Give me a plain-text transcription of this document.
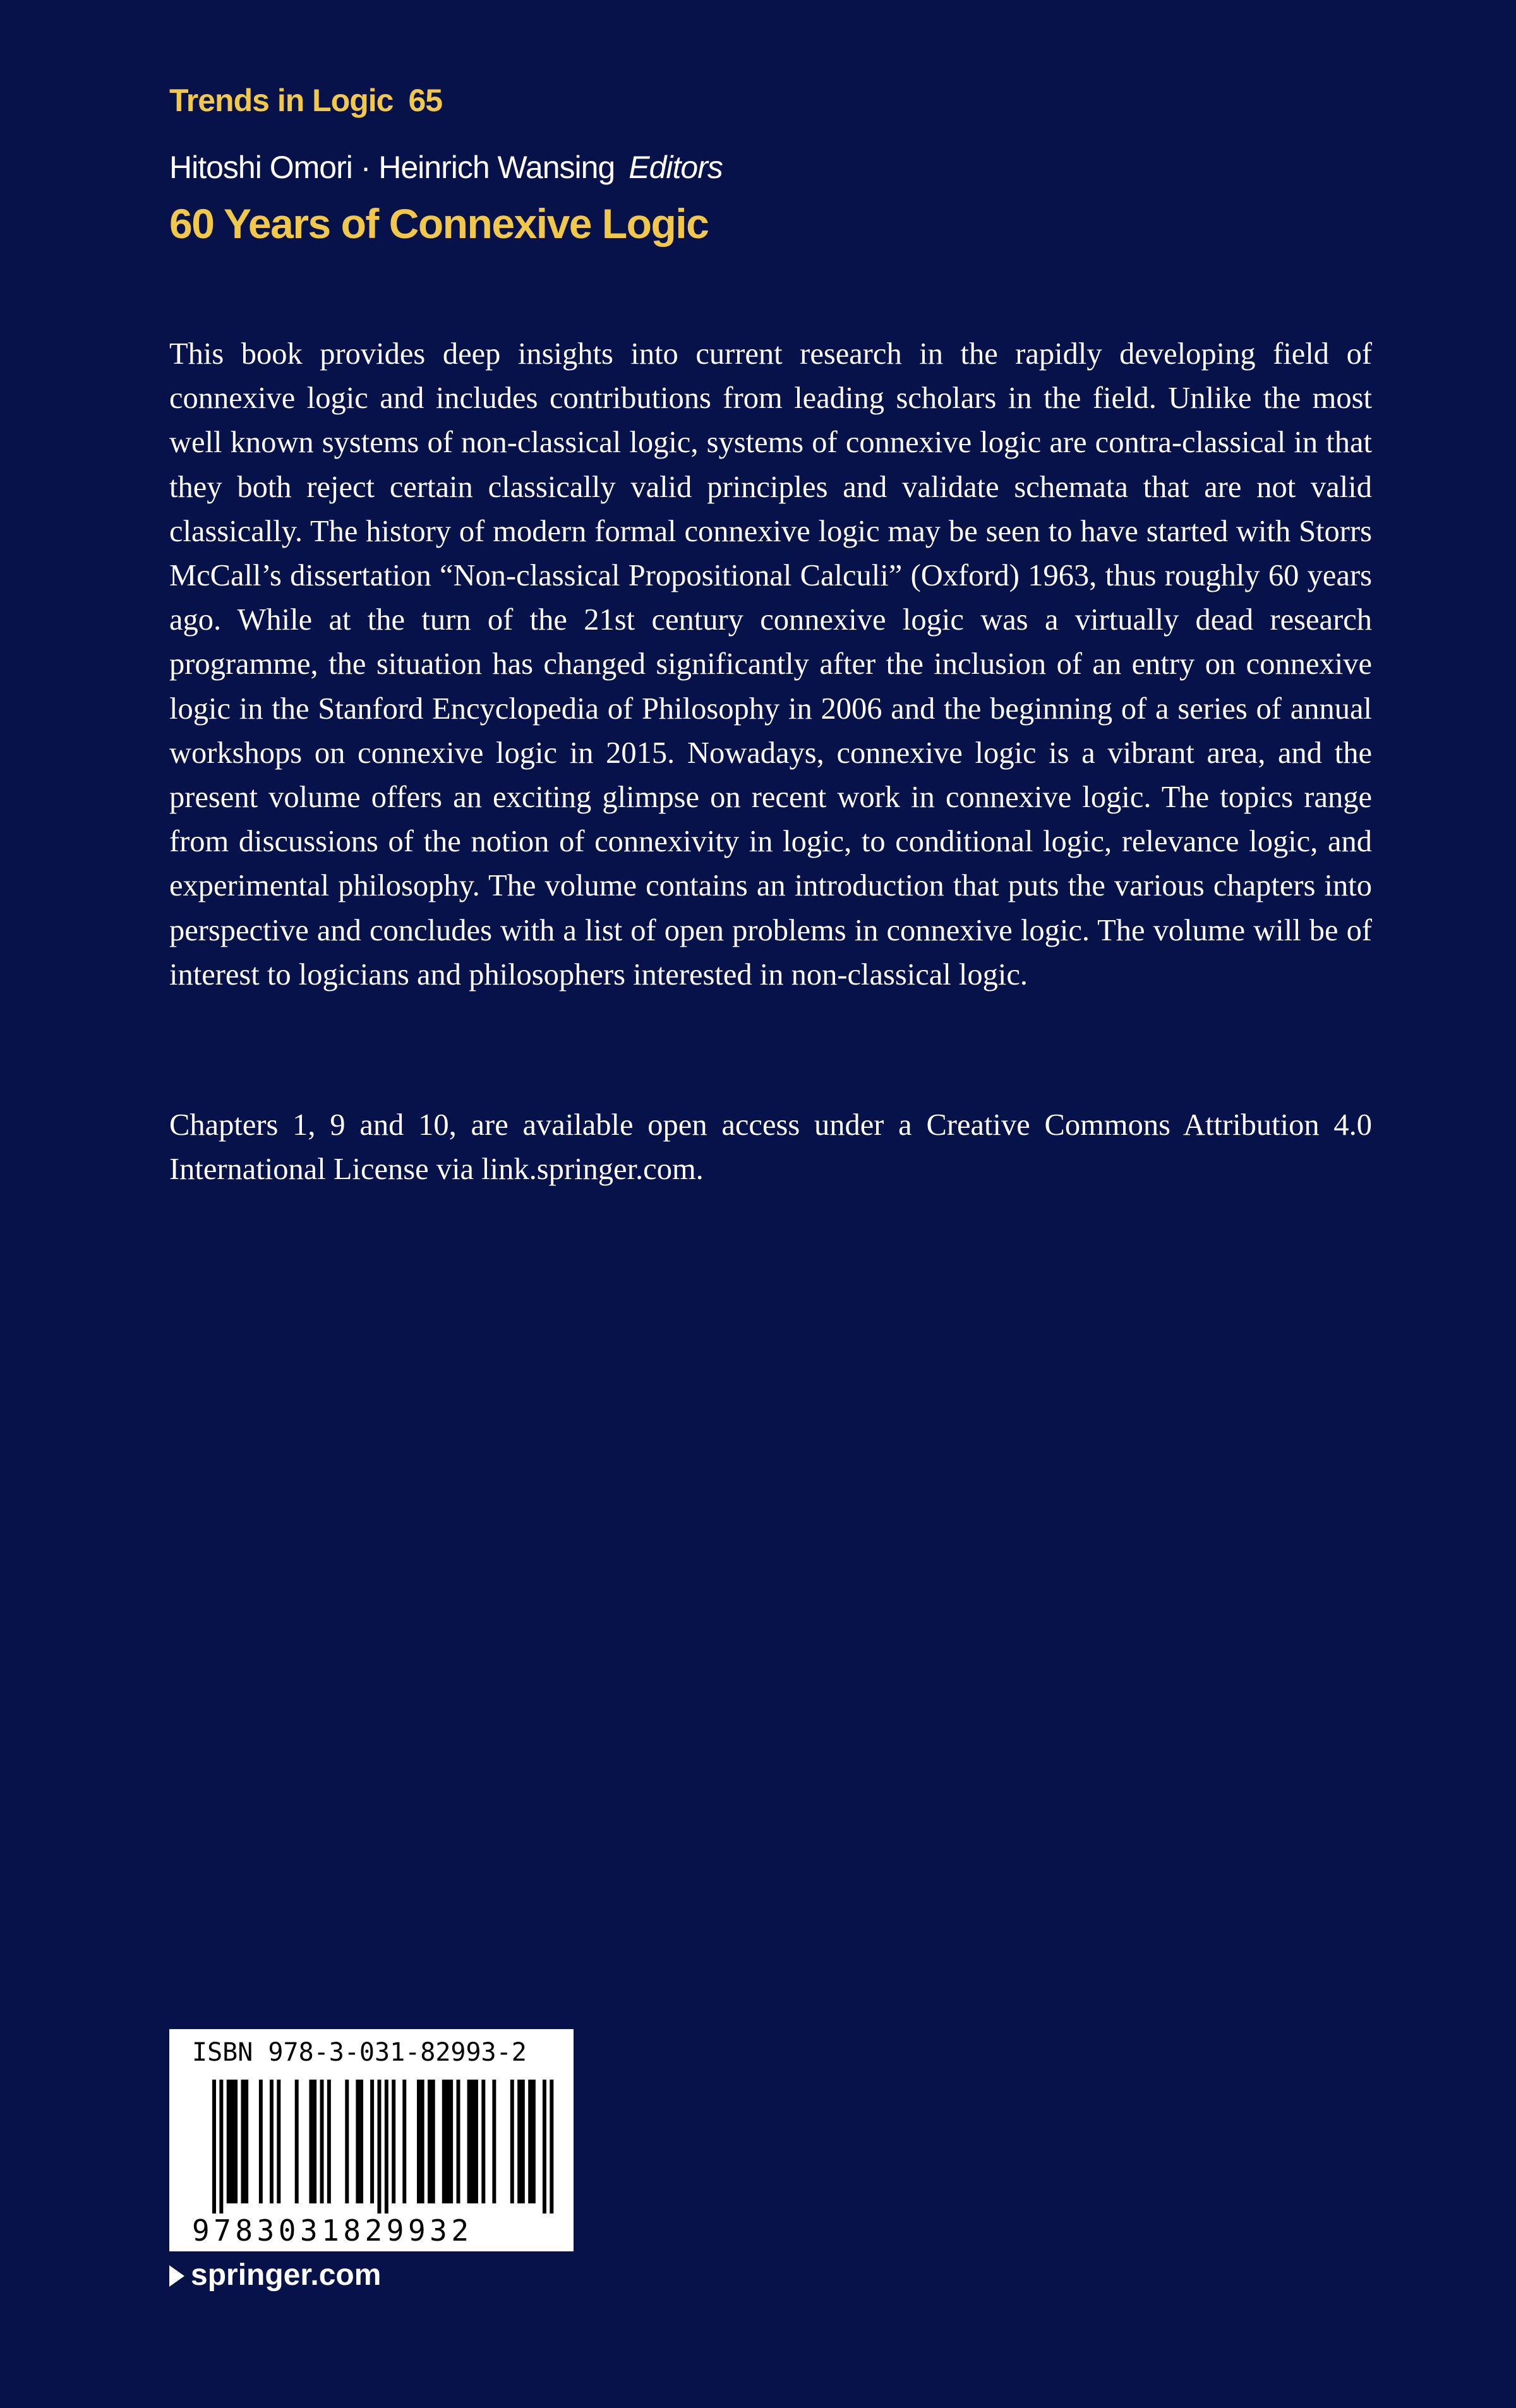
Trends in Logic 65
Hitoshi Omori · Heinrich Wansing Editors
60 Years of Connexive Logic

This book provides deep insights into current research in the rapidly developing field of connexive logic and includes contributions from leading scholars in the field. Unlike the most well known systems of non-classical logic, systems of connexive logic are contra-classical in that they both reject certain classically valid principles and validate schemata that are not valid classically. The history of modern formal connexive logic may be seen to have started with Storrs McCall’s dissertation “Non-classical Propositional Calculi” (Oxford) 1963, thus roughly 60 years ago. While at the turn of the 21st century connexive logic was a virtually dead research programme, the situation has changed significantly after the inclusion of an entry on connexive logic in the Stanford Encyclopedia of Philosophy in 2006 and the beginning of a series of annual workshops on connexive logic in 2015. Nowadays, connexive logic is a vibrant area, and the present volume offers an exciting glimpse on recent work in connexive logic. The topics range from discussions of the notion of connexivity in logic, to conditional logic, relevance logic, and experimental philosophy. The volume contains an introduction that puts the various chapters into perspective and concludes with a list of open problems in connexive logic. The volume will be of interest to logicians and philosophers interested in non-classical logic.

Chapters 1, 9 and 10, are available open access under a Creative Commons Attribution 4.0 International License via link.springer.com.

ISBN 978-3-031-82993-2
9783031829932
springer.com
